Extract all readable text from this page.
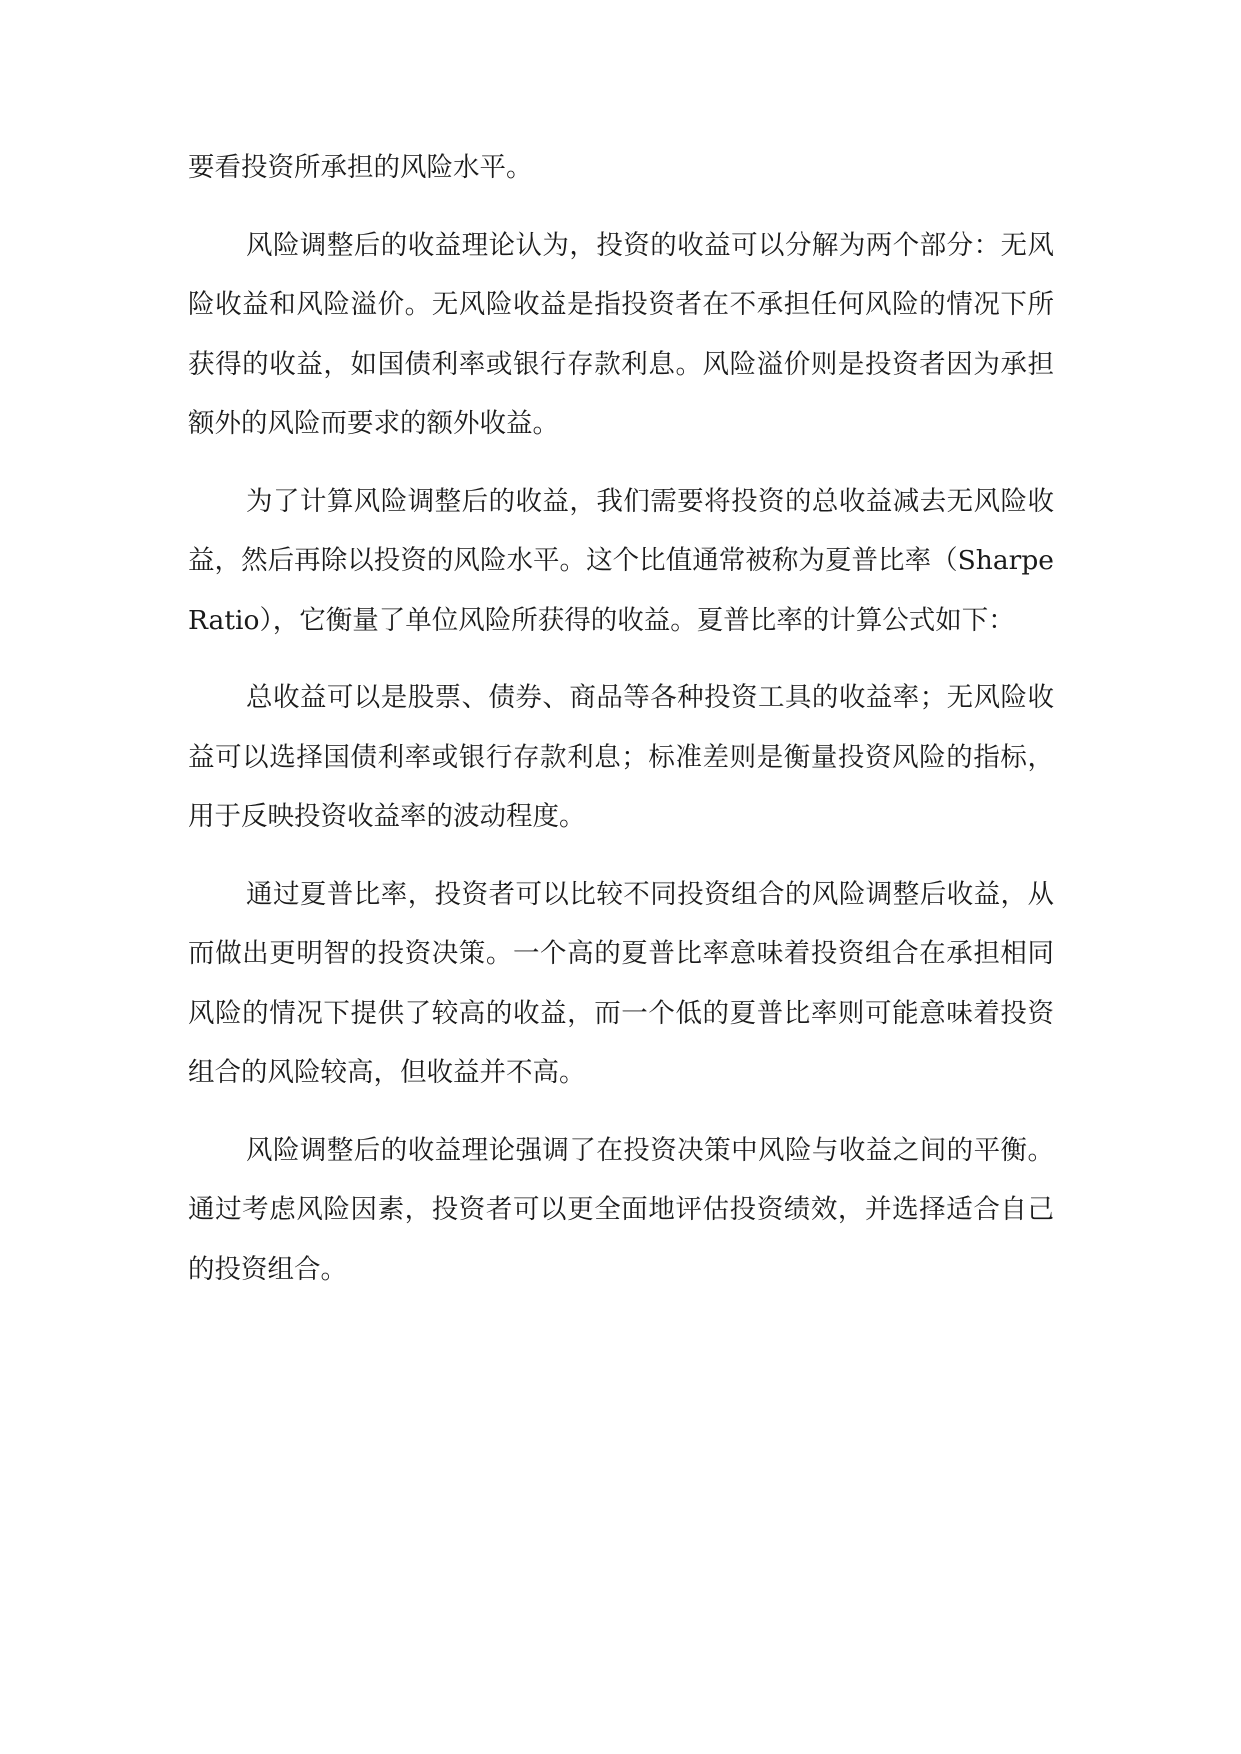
要看投资所承担的风险水平。

风险调整后的收益理论认为，投资的收益可以分解为两个部分：无风险收益和风险溢价。无风险收益是指投资者在不承担任何风险的情况下所获得的收益，如国债利率或银行存款利息。风险溢价则是投资者因为承担额外的风险而要求的额外收益。

为了计算风险调整后的收益，我们需要将投资的总收益减去无风险收益，然后再除以投资的风险水平。这个比值通常被称为夏普比率（Sharpe Ratio），它衡量了单位风险所获得的收益。夏普比率的计算公式如下：

总收益可以是股票、债券、商品等各种投资工具的收益率；无风险收益可以选择国债利率或银行存款利息；标准差则是衡量投资风险的指标，用于反映投资收益率的波动程度。

通过夏普比率，投资者可以比较不同投资组合的风险调整后收益，从而做出更明智的投资决策。一个高的夏普比率意味着投资组合在承担相同风险的情况下提供了较高的收益，而一个低的夏普比率则可能意味着投资组合的风险较高，但收益并不高。

风险调整后的收益理论强调了在投资决策中风险与收益之间的平衡。通过考虑风险因素，投资者可以更全面地评估投资绩效，并选择适合自己的投资组合。
